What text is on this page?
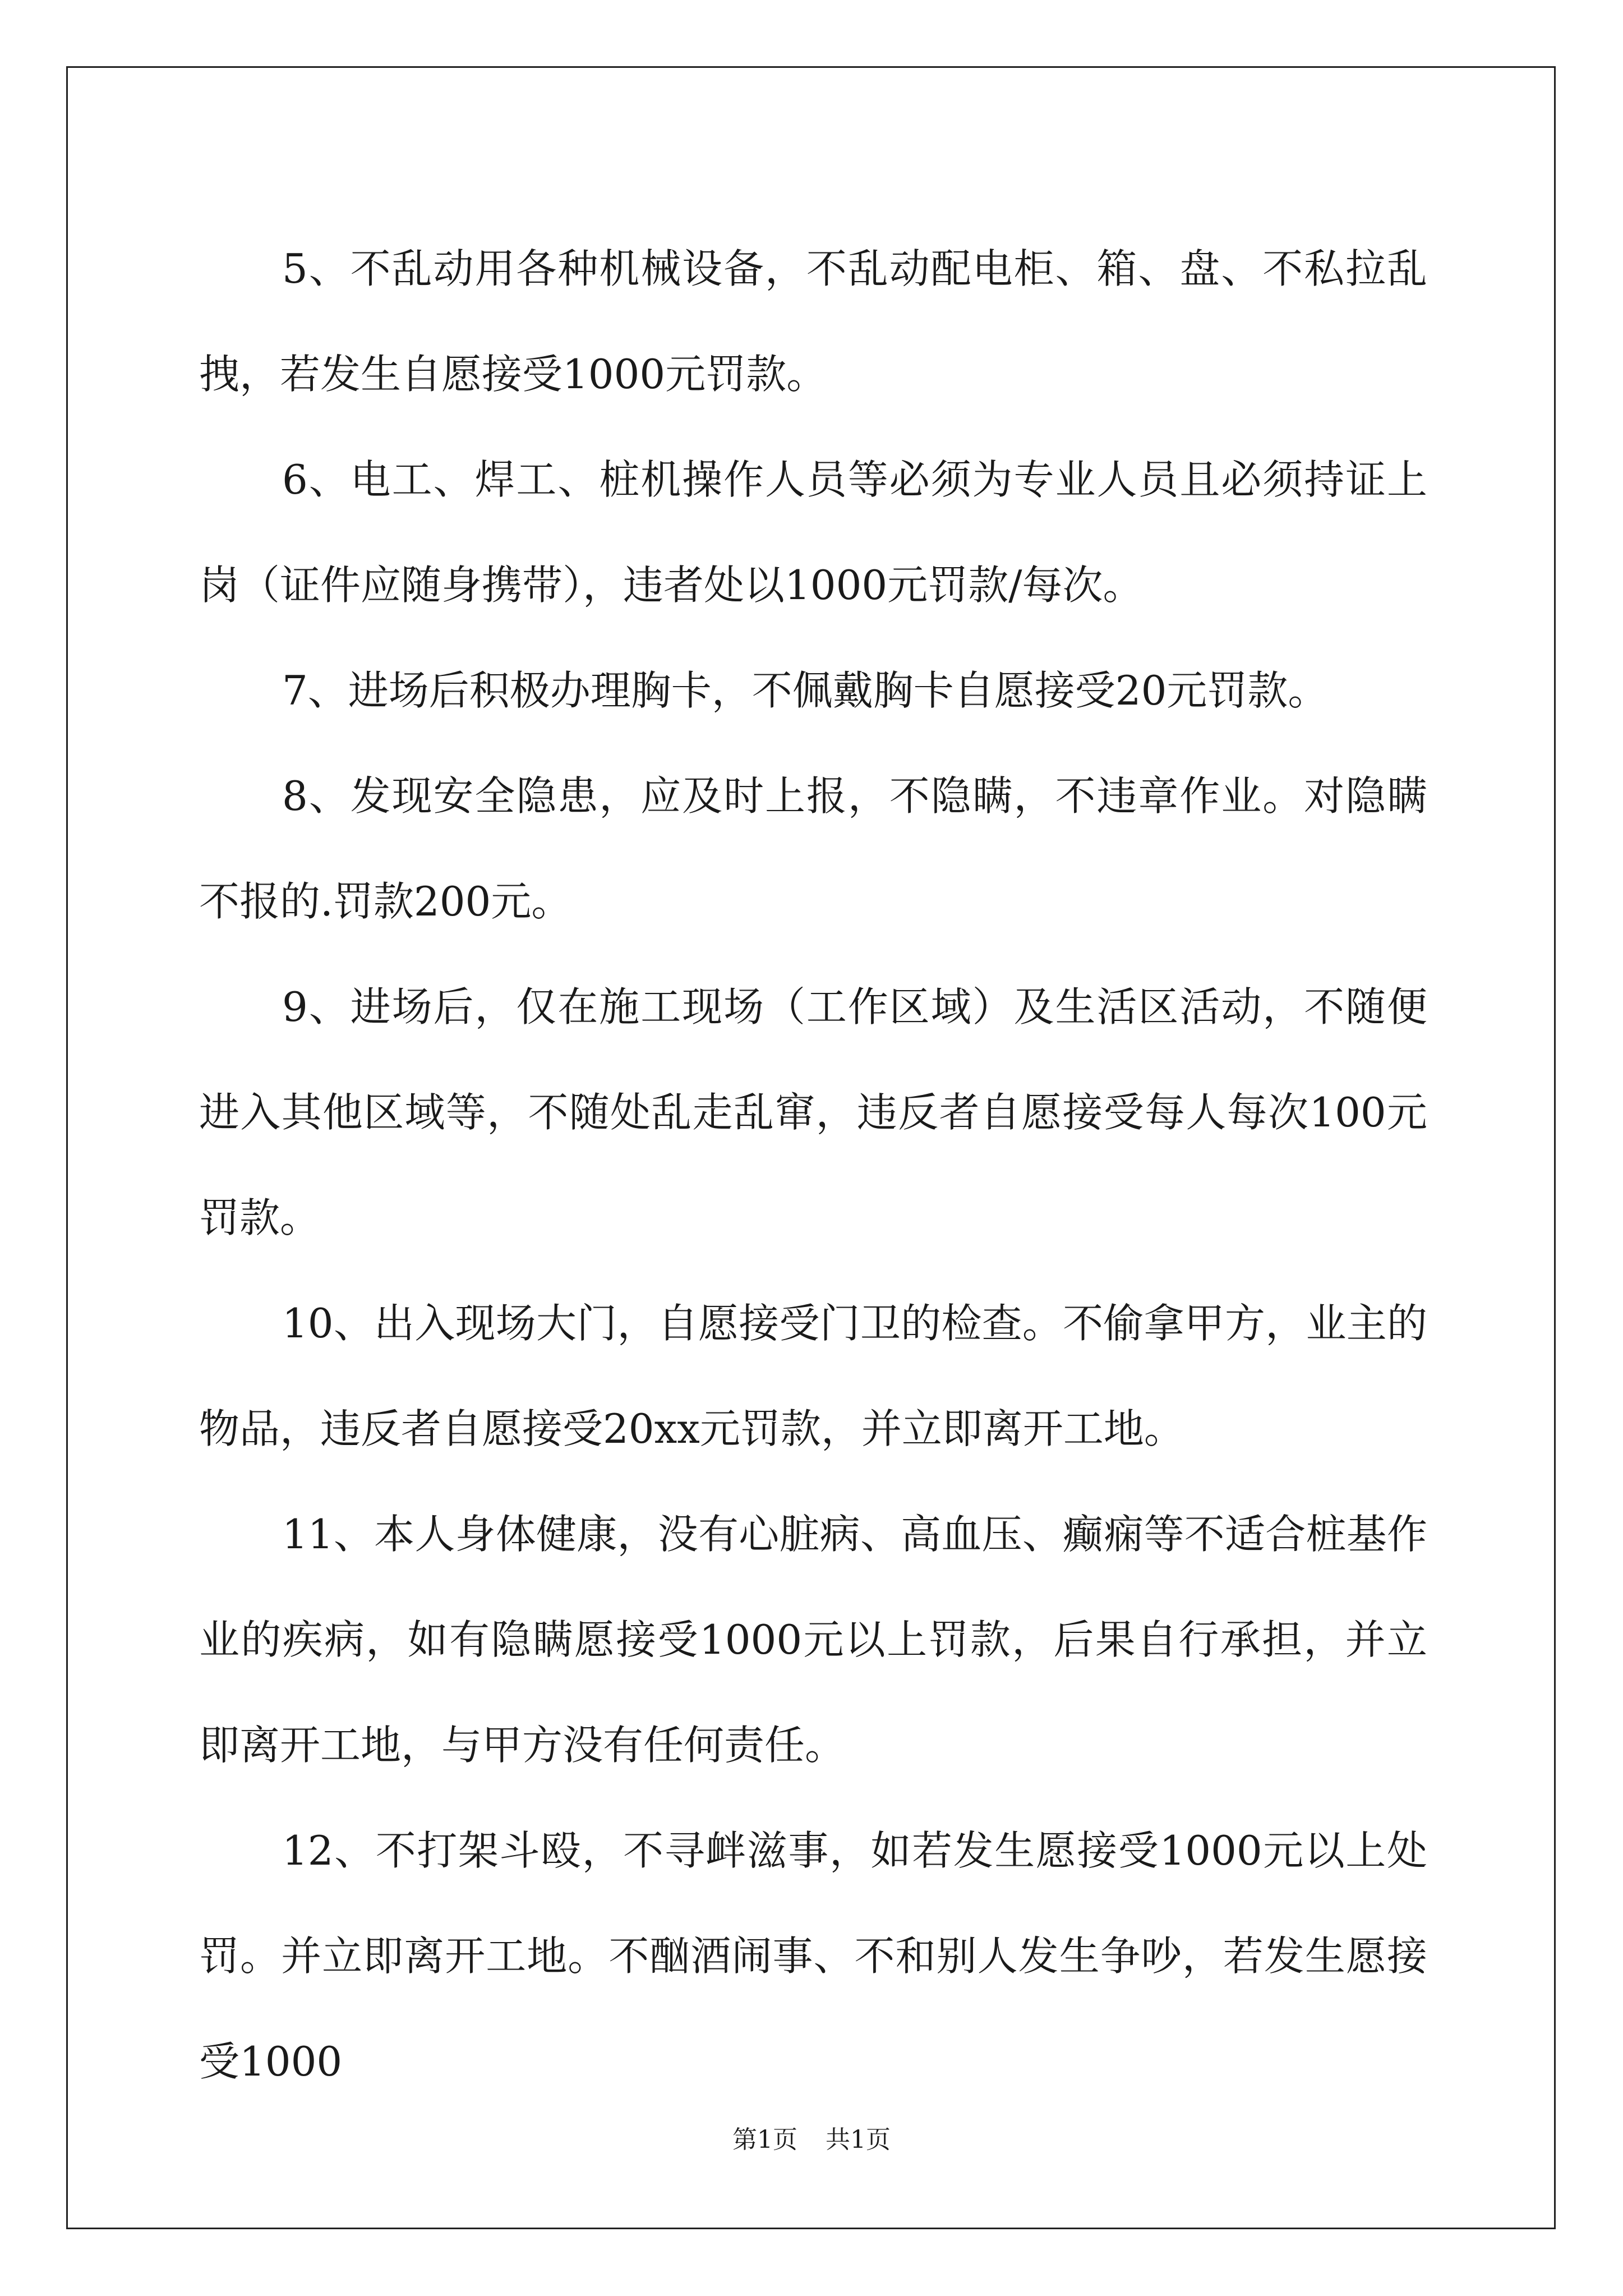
5、不乱动用各种机械设备，不乱动配电柜、箱、盘、不私拉乱拽，若发生自愿接受1000元罚款。

6、电工、焊工、桩机操作人员等必须为专业人员且必须持证上岗（证件应随身携带），违者处以1000元罚款/每次。

7、进场后积极办理胸卡，不佩戴胸卡自愿接受20元罚款。

8、发现安全隐患，应及时上报，不隐瞒，不违章作业。对隐瞒不报的.罚款200元。

9、进场后，仅在施工现场（工作区域）及生活区活动，不随便进入其他区域等，不随处乱走乱窜，违反者自愿接受每人每次100元罚款。

10、出入现场大门，自愿接受门卫的检查。不偷拿甲方，业主的物品，违反者自愿接受20xx元罚款，并立即离开工地。

11、本人身体健康，没有心脏病、高血压、癫痫等不适合桩基作业的疾病，如有隐瞒愿接受1000元以上罚款，后果自行承担，并立即离开工地，与甲方没有任何责任。

12、不打架斗殴，不寻衅滋事，如若发生愿接受1000元以上处罚。并立即离开工地。不酗酒闹事、不和别人发生争吵，若发生愿接受1000

第1页 共1页
